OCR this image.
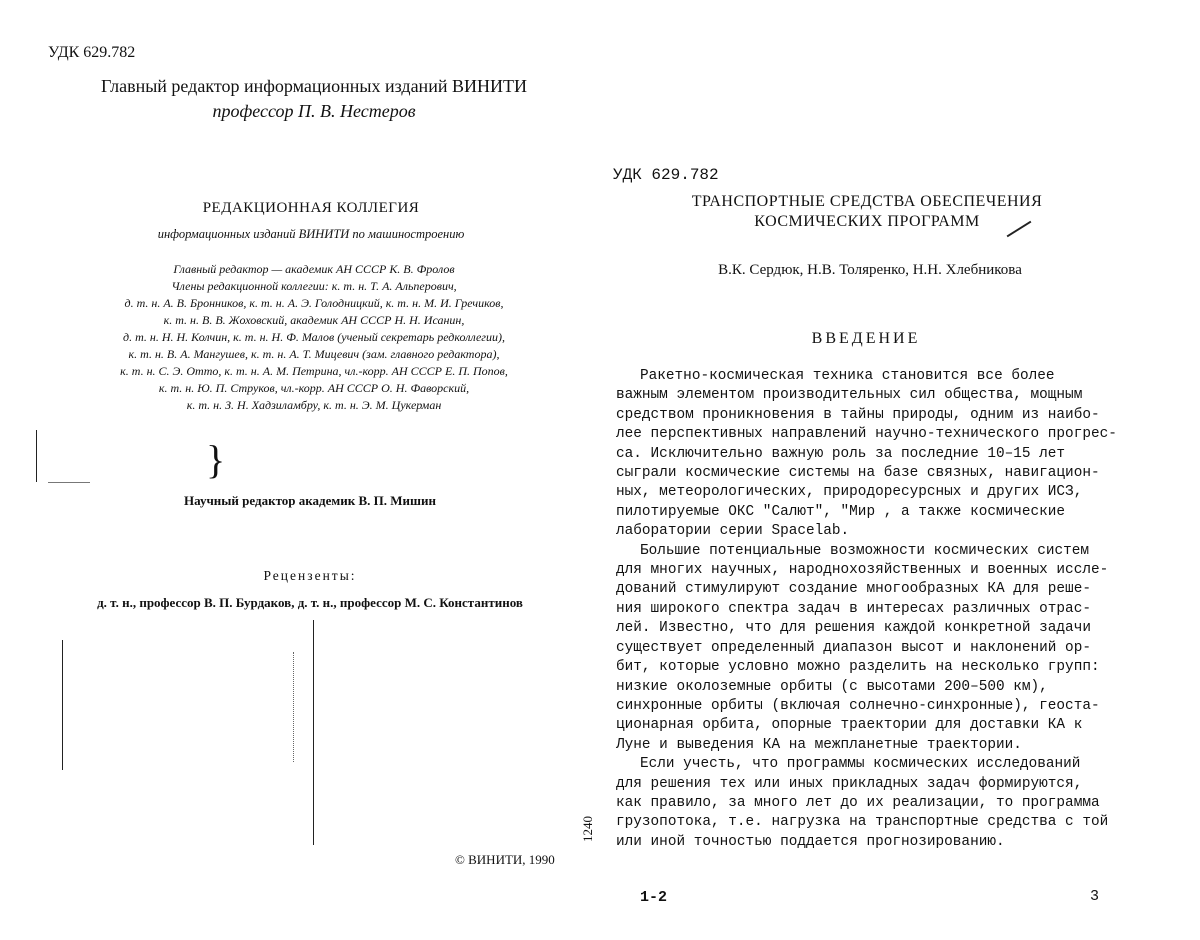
УДК 629.782
Главный редактор информационных изданий ВИНИТИ
профессор П. В. Нестеров
РЕДАКЦИОННАЯ КОЛЛЕГИЯ
информационных изданий ВИНИТИ по машиностроению
Главный редактор — академик АН СССР К. В. Фролов
Члены редакционной коллегии: к. т. н. Т. А. Альперович,
д. т. н. А. В. Бронников, к. т. н. А. Э. Голодницкий, к. т. н. М. И. Гречиков,
к. т. н. В. В. Жоховский, академик АН СССР Н. Н. Исанин,
д. т. н. Н. Н. Колчин, к. т. н. Н. Ф. Малов (ученый секретарь редколлегии),
к. т. н. В. А. Мангушев, к. т. н. А. Т. Мицевич (зам. главного редактора),
к. т. н. С. Э. Отто, к. т. н. А. М. Петрина, чл.-корр. АН СССР Е. П. Попов,
к. т. н. Ю. П. Струков, чл.-корр. АН СССР О. Н. Фаворский,
к. т. н. З. Н. Хадзиламбру, к. т. н. Э. М. Цукерман
}
Научный редактор академик В. П. Мишин
Рецензенты:
д. т. н., профессор В. П. Бурдаков, д. т. н., профессор М. С. Константинов
© ВИНИТИ, 1990
УДК 629.782
ТРАНСПОРТНЫЕ СРЕДСТВА ОБЕСПЕЧЕНИЯ
КОСМИЧЕСКИХ ПРОГРАММ
В.К. Сердюк, Н.В. Толяренко, Н.Н. Хлебникова
ВВЕДЕНИЕ
Ракетно-космическая техника становится все более
важным элементом производительных сил общества, мощным
средством проникновения в тайны природы, одним из наибо-
лее перспективных направлений научно-технического прогрес-
са. Исключительно важную роль за последние 10–15 лет
сыграли космические системы на базе связных, навигацион-
ных, метеорологических, природоресурсных и других ИСЗ,
пилотируемые ОКС "Салют", "Мир , а также космические
лаборатории серии Spacelab.
Большие потенциальные возможности космических систем
для многих научных, народнохозяйственных и военных иссле-
дований стимулируют создание многообразных КА для реше-
ния широкого спектра задач в интересах различных отрас-
лей. Известно, что для решения каждой конкретной задачи
существует определенный диапазон высот и наклонений ор-
бит, которые условно можно разделить на несколько групп:
низкие околоземные орбиты (с высотами 200–500 км),
синхронные орбиты (включая солнечно-синхронные), геоста-
ционарная орбита, опорные траектории для доставки КА к
Луне и выведения КА на межпланетные траектории.
Если учесть, что программы космических исследований
для решения тех или иных прикладных задач формируются,
как правило, за много лет до их реализации, то программа
грузопотока, т.е. нагрузка на транспортные средства с той
или иной точностью поддается прогнозированию.
1240
1-2	3
